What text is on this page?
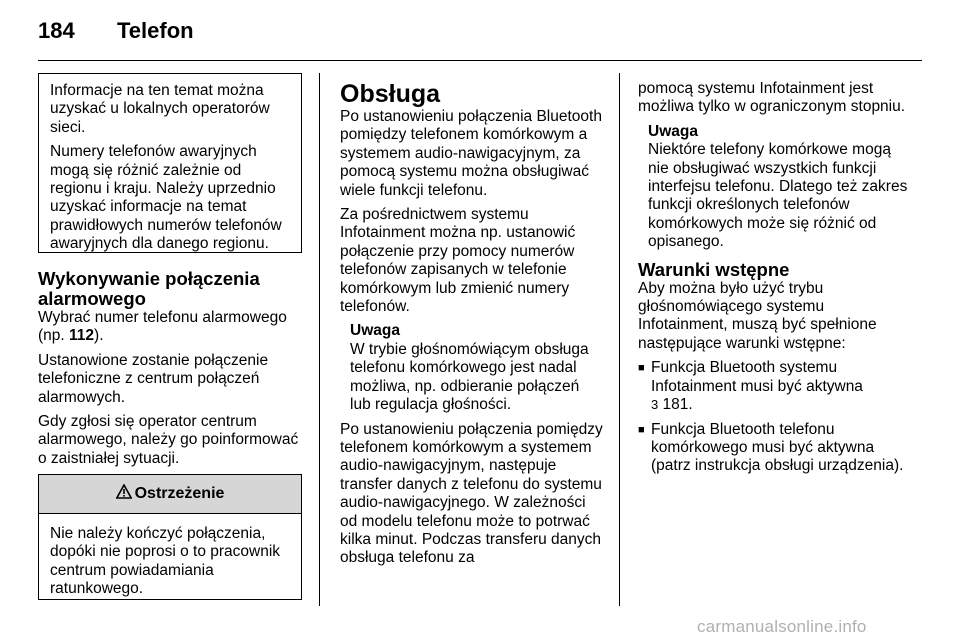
184 Telefon

Informacje na ten temat można uzyskać u lokalnych operatorów sieci.

Numery telefonów awaryjnych mogą się różnić zależnie od regionu i kraju. Należy uprzednio uzyskać informacje na temat prawidłowych numerów telefonów awaryjnych dla danego regionu.

Wykonywanie połączenia alarmowego

Wybrać numer telefonu alarmowego (np. 112).

Ustanowione zostanie połączenie telefoniczne z centrum połączeń alarmowych.

Gdy zgłosi się operator centrum alarmowego, należy go poinformować o zaistniałej sytuacji.

Ostrzeżenie
Nie należy kończyć połączenia, dopóki nie poprosi o to pracownik centrum powiadamiania ratunkowego.
Obsługa

Po ustanowieniu połączenia Bluetooth pomiędzy telefonem komórkowym a systemem audio-nawigacyjnym, za pomocą systemu można obsługiwać wiele funkcji telefonu.

Za pośrednictwem systemu Infotainment można np. ustanowić połączenie przy pomocy numerów telefonów zapisanych w telefonie komórkowym lub zmienić numery telefonów.

Uwaga
W trybie głośnomówiącym obsługa telefonu komórkowego jest nadal możliwa, np. odbieranie połączeń lub regulacja głośności.

Po ustanowieniu połączenia pomiędzy telefonem komórkowym a systemem audio-nawigacyjnym, następuje transfer danych z telefonu do systemu audio-nawigacyjnego. W zależności od modelu telefonu może to potrwać kilka minut. Podczas transferu danych obsługa telefonu za

pomocą systemu Infotainment jest możliwa tylko w ograniczonym stopniu.

Uwaga
Niektóre telefony komórkowe mogą nie obsługiwać wszystkich funkcji interfejsu telefonu. Dlatego też zakres funkcji określonych telefonów komórkowych może się różnić od opisanego.
Warunki wstępne

Aby można było użyć trybu głośnomówiącego systemu Infotainment, muszą być spełnione następujące warunki wstępne:

■ Funkcja Bluetooth systemu Infotainment musi być aktywna
3 181.
■ Funkcja Bluetooth telefonu komórkowego musi być aktywna (patrz instrukcja obsługi urządzenia).
carmanualsonline.info
